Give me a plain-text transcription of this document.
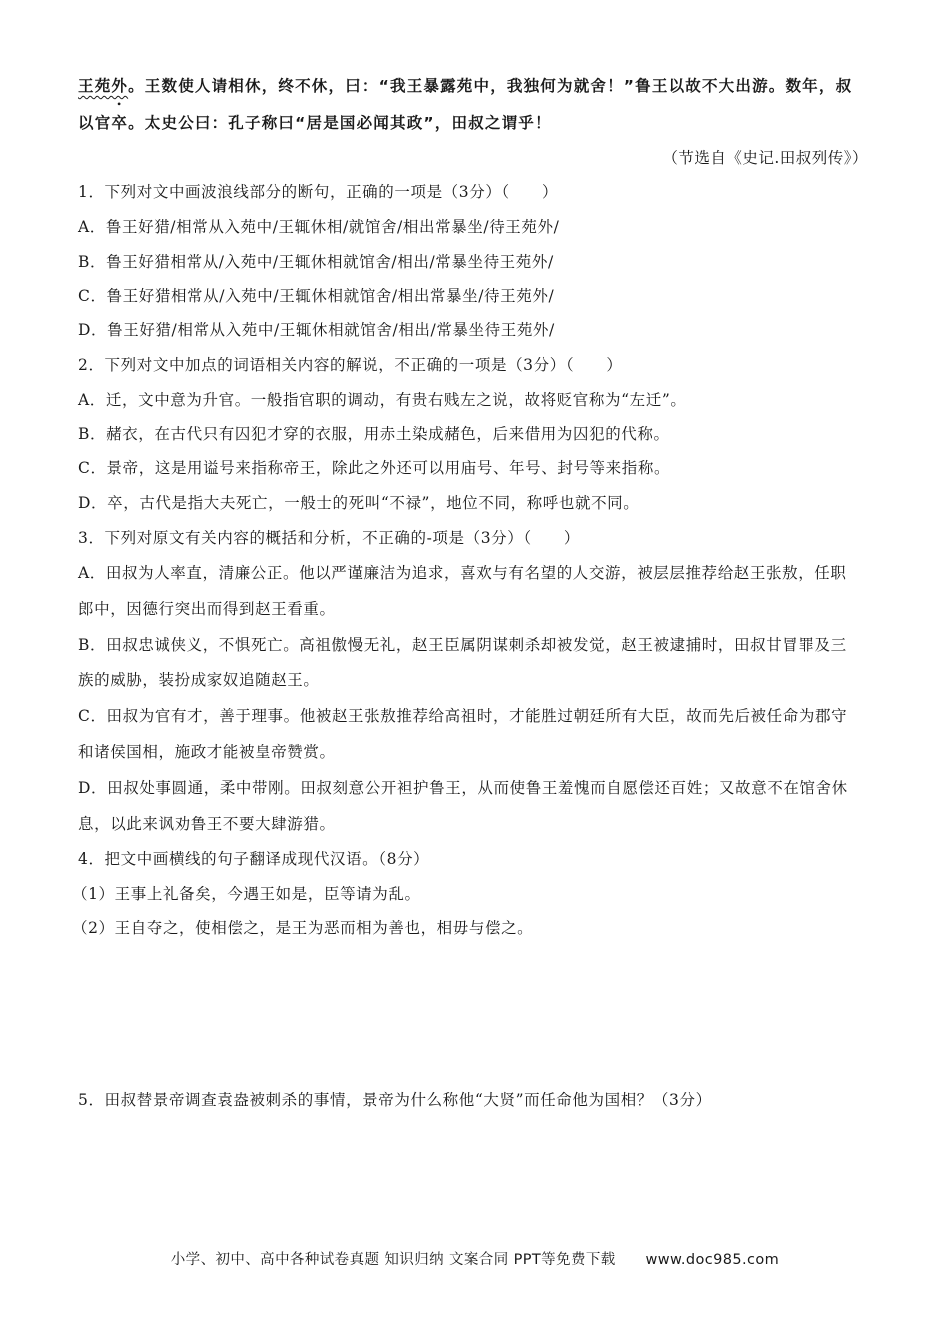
王苑外。王数使人请相休，终不休，曰：“我王暴露苑中，我独何为就舍！”鲁王以故不大出游。数年，叔
•
以官卒。太史公曰：孔子称曰“居是国必闻其政”，田叔之谓乎！
（节选自《史记.田叔列传》）
1．下列对文中画波浪线部分的断句，正确的一项是（3分）（　　）
A．鲁王好猎/相常从入苑中/王辄休相/就馆舍/相出常暴坐/待王苑外/
B．鲁王好猎相常从/入苑中/王辄休相就馆舍/相出/常暴坐待王苑外/
C．鲁王好猎相常从/入苑中/王辄休相就馆舍/相出常暴坐/待王苑外/
D．鲁王好猎/相常从入苑中/王辄休相就馆舍/相出/常暴坐待王苑外/
2．下列对文中加点的词语相关内容的解说，不正确的一项是（3分）（　　）
A．迁，文中意为升官。一般指官职的调动，有贵右贱左之说，故将贬官称为“左迁”。
B．赭衣，在古代只有囚犯才穿的衣服，用赤土染成赭色，后来借用为囚犯的代称。
C．景帝，这是用谥号来指称帝王，除此之外还可以用庙号、年号、封号等来指称。
D．卒，古代是指大夫死亡，一般士的死叫“不禄”，地位不同，称呼也就不同。
3．下列对原文有关内容的概括和分析，不正确的-项是（3分）（　　）
A．田叔为人率直，清廉公正。他以严谨廉洁为追求，喜欢与有名望的人交游，被层层推荐给赵王张敖，任职
郎中，因德行突出而得到赵王看重。
B．田叔忠诚侠义，不惧死亡。高祖傲慢无礼，赵王臣属阴谋刺杀却被发觉，赵王被逮捕时，田叔甘冒罪及三
族的威胁，装扮成家奴追随赵王。
C．田叔为官有才，善于理事。他被赵王张敖推荐给高祖时，才能胜过朝廷所有大臣，故而先后被任命为郡守
和诸侯国相，施政才能被皇帝赞赏。
D．田叔处事圆通，柔中带刚。田叔刻意公开袒护鲁王，从而使鲁王羞愧而自愿偿还百姓；又故意不在馆舍休
息，以此来讽劝鲁王不要大肆游猎。
4．把文中画横线的句子翻译成现代汉语。（8分）
（1）王事上礼备矣，今遇王如是，臣等请为乱。
（2）王自夺之，使相偿之，是王为恶而相为善也，相毋与偿之。
5．田叔替景帝调查袁盎被刺杀的事情，景帝为什么称他“大贤”而任命他为国相？（3分）
小学、初中、高中各种试卷真题 知识归纳 文案合同 PPT等免费下载　　www.doc985.com
